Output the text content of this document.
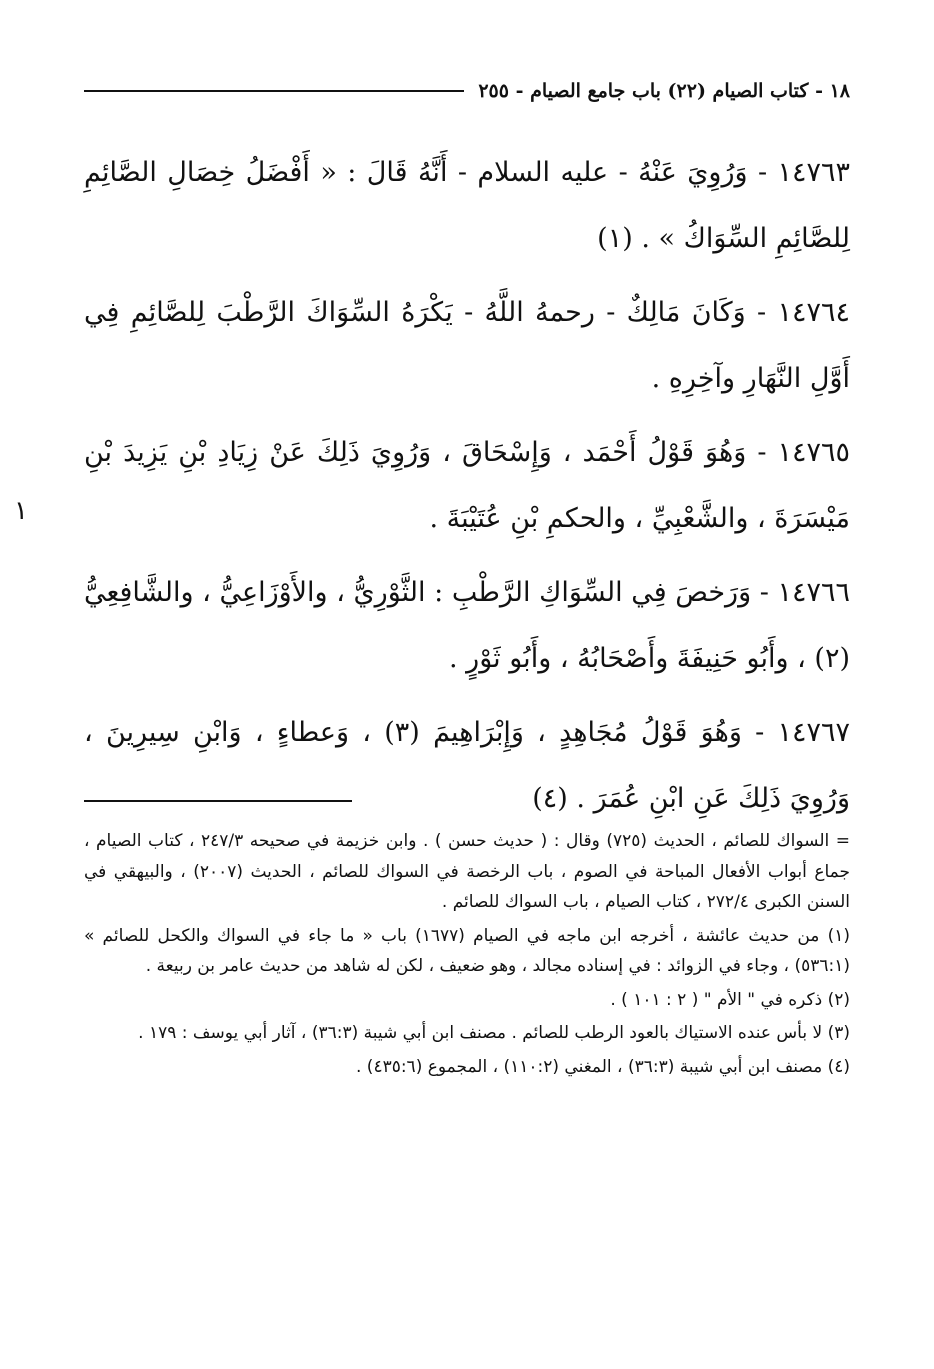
١٨ - كتاب الصيام (٢٢) باب جامع الصيام - ٢٥٥

١٤٧٦٣ - وَرُوِيَ عَنْهُ - عليه السلام - أَنَّهُ قَالَ : « أَفْضَلُ خِصَالِ الصَّائِمِ لِلصَّائِمِ السِّوَاكُ » . (١)

١٤٧٦٤ - وَكَانَ مَالِكٌ - رحمهُ اللَّهُ - يَكْرَهُ السِّوَاكَ الرَّطْبَ لِلصَّائِمِ فِي أَوَّلِ النَّهَارِ وآخِرِهِ .

١٤٧٦٥ - وَهُوَ قَوْلُ أَحْمَد ، وَإِسْحَاقَ ، وَرُوِيَ ذَلِكَ عَنْ زِيَادِ بْنِ يَزِيدَ بْنِ مَيْسَرَةَ ، والشَّعْبِيِّ ، والحكمِ بْنِ عُتَيْبَةَ .

١٤٧٦٦ - وَرَخصَ فِي السِّوَاكِ الرَّطْبِ : الثَّوْرِيُّ ، والأَوْزَاعِيُّ ، والشَّافِعِيُّ (٢) ، وأَبُو حَنِيفَةَ وأَصْحَابُهُ ، وأَبُو ثَوْرٍ .

١٤٧٦٧ - وَهُوَ قَوْلُ مُجَاهِدٍ ، وَإِبْرَاهِيمَ (٣) ، وَعطاءٍ ، وَابْنِ سِيرِينَ ، وَرُوِيَ ذَلِكَ عَنِ ابْنِ عُمَرَ . (٤)

١

= السواك للصائم ، الحديث (٧٢٥) وقال : ( حديث حسن ) . وابن خزيمة في صحيحه ٢٤٧/٣ ، كتاب الصيام ، جماع أبواب الأفعال المباحة في الصوم ، باب الرخصة في السواك للصائم ، الحديث (٢٠٠٧) ، والبيهقي في السنن الكبرى ٢٧٢/٤ ، كتاب الصيام ، باب السواك للصائم .

(١) من حديث عائشة ، أخرجه ابن ماجه في الصيام (١٦٧٧) باب « ما جاء في السواك والكحل للصائم » (٥٣٦:١) ، وجاء في الزوائد : في إسناده مجالد ، وهو ضعيف ، لكن له شاهد من حديث عامر بن ربيعة .

(٢) ذكره في " الأم " ( ٢ : ١٠١ ) .

(٣) لا بأس عنده الاستياك بالعود الرطب للصائم . مصنف ابن أبي شيبة (٣٦:٣) ، آثار أبي يوسف : ١٧٩ .

(٤) مصنف ابن أبي شيبة (٣٦:٣) ، المغني (١١٠:٢) ، المجموع (٤٣٥:٦) .
